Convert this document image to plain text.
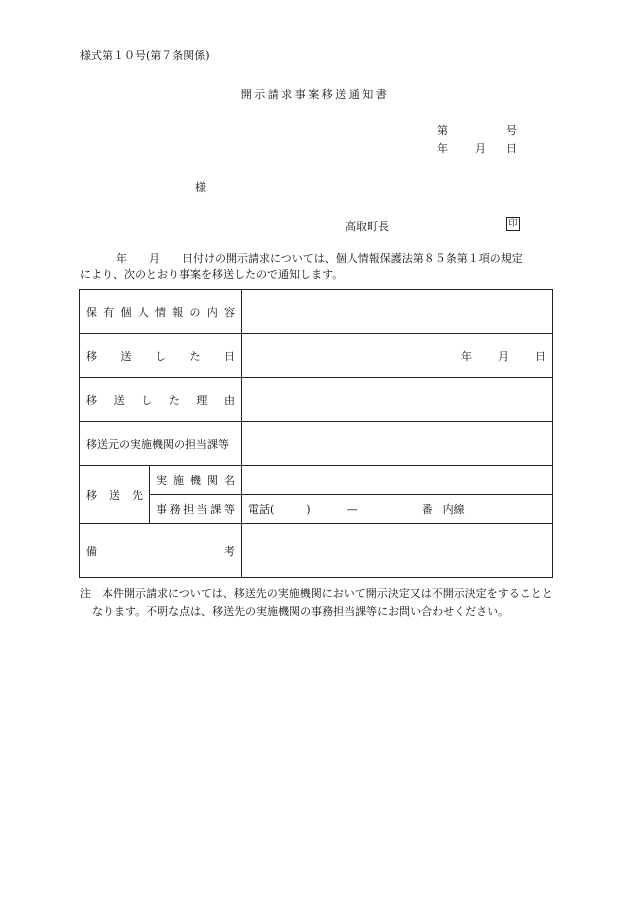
様式第１０号(第７条関係)
開示請求事案移送通知書
第	号
年 月 日
様
高取町長	印

年　　月　　日付けの開示請求については、個人情報保護法第８５条第１項の規定

により、次のとおり事案を移送したので通知します。

保有個人情報の内容		

移送した日		年 月 日

移送した理由		

移送元の実施機関の担当課等		

移送先	実施機関名	

	事務担当課等	電話( ) — 番 内線

備 考		

注　本件開示請求については、移送先の実施機関において開示決定又は不開示決定をすることとなります。不明な点は、移送先の実施機関の事務担当課等にお問い合わせください。
